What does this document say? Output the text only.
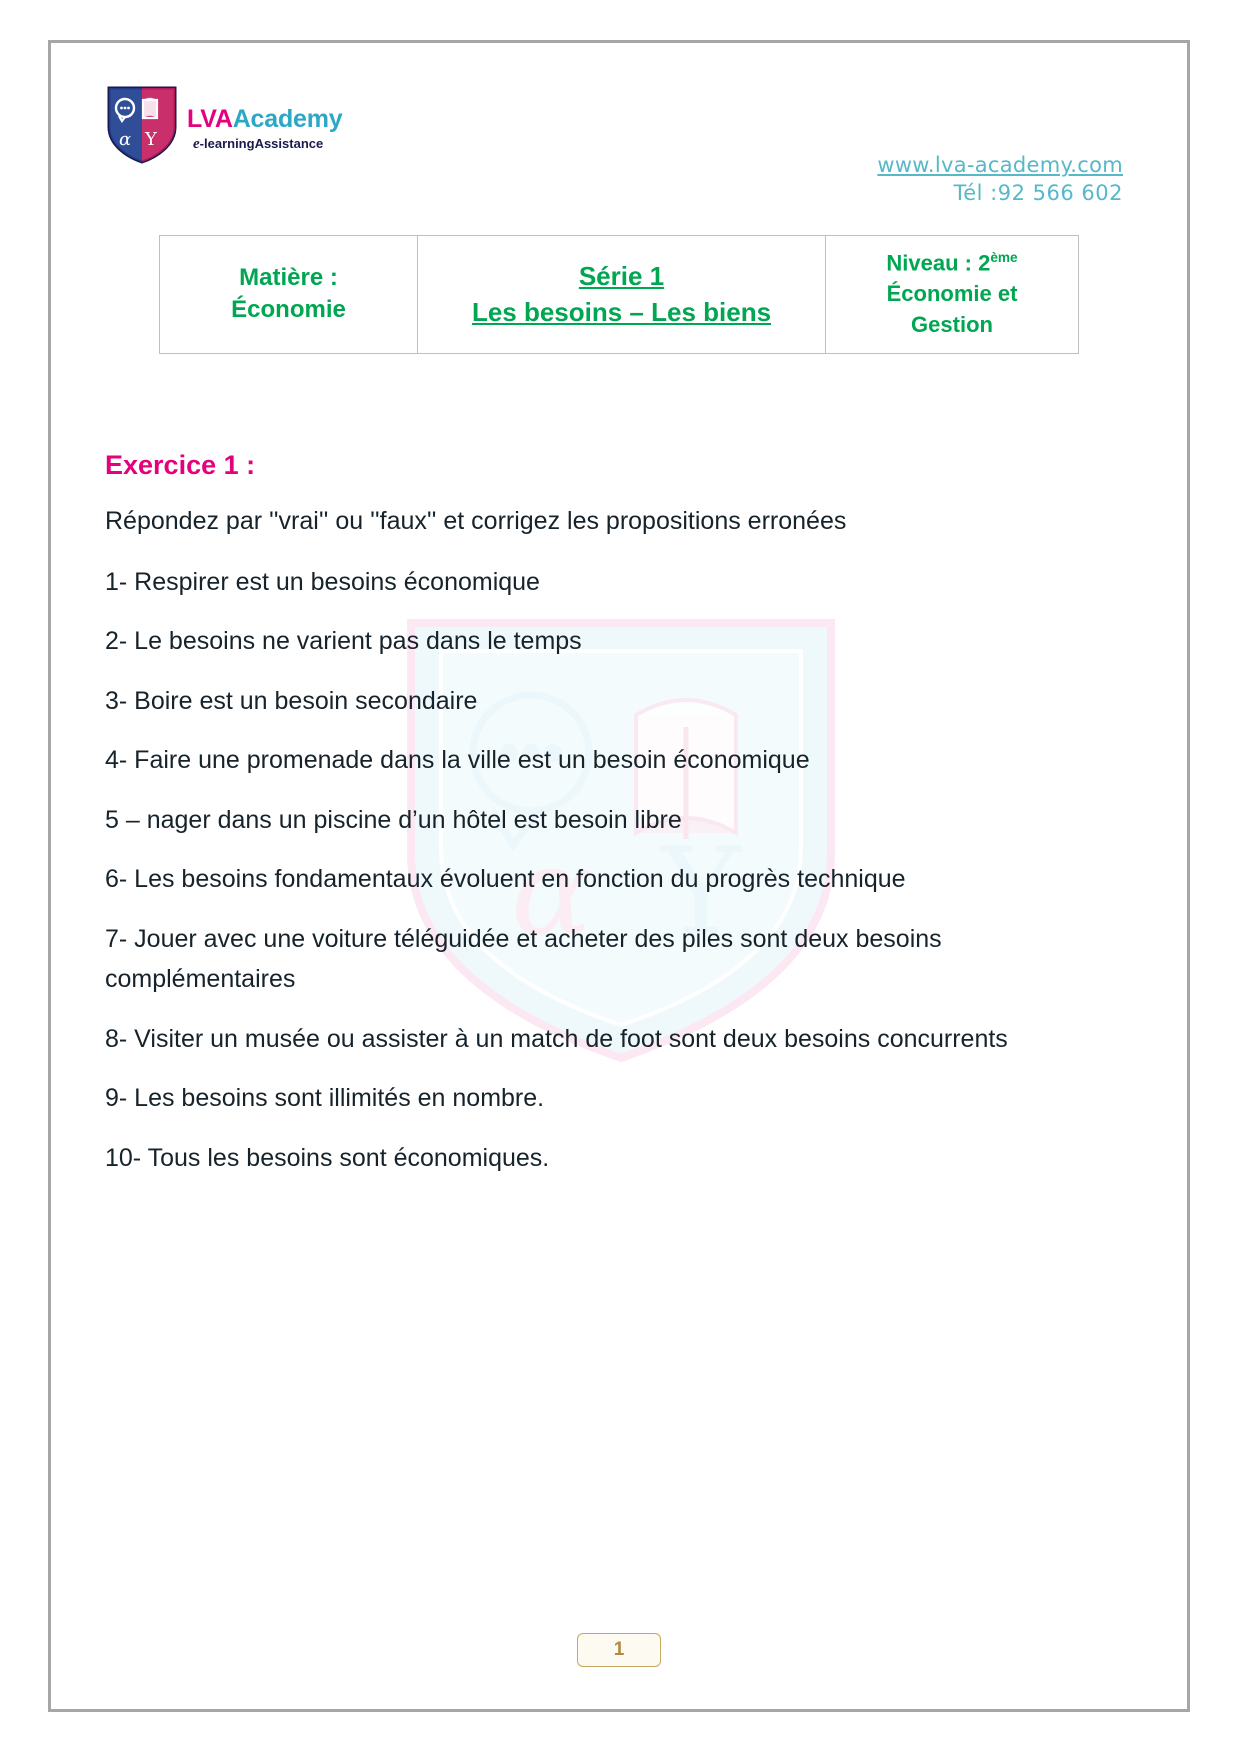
α Y
LVAAcademy
e-learningAssistance
www.lva-academy.com
Tél :92 566 602
Matière :
Économie

Série 1
Les besoins – Les biens

Niveau : 2ème
Économie et
Gestion
α Y
Exercice 1 :
Répondez par ''vrai'' ou ''faux'' et corrigez les propositions erronées
1- Respirer est un besoins économique
2- Le besoins ne varient pas dans le temps
3- Boire est un besoin secondaire
4- Faire une promenade dans la ville est un besoin économique
5 – nager dans un piscine d’un hôtel est besoin libre
6- Les besoins fondamentaux évoluent en fonction du progrès technique
7- Jouer avec une voiture téléguidée et acheter des piles sont deux besoins complémentaires
8- Visiter un musée ou assister à un match de foot sont deux besoins concurrents
9- Les besoins sont illimités en nombre.
10- Tous les besoins sont économiques.
1
